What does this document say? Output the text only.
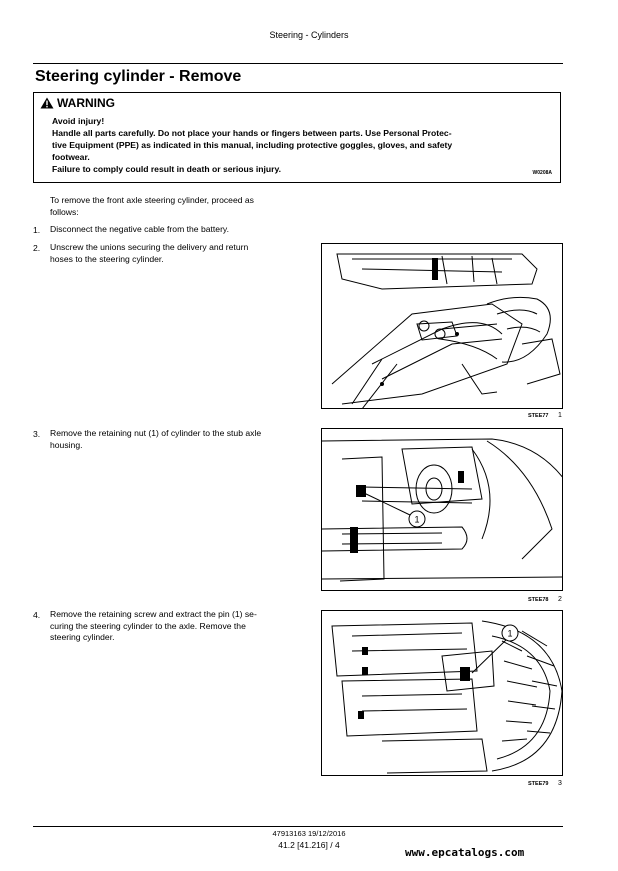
Steering - Cylinders
Steering cylinder - Remove
WARNING
Avoid injury!
Handle all parts carefully. Do not place your hands or fingers between parts. Use Personal Protec-
tive Equipment (PPE) as indicated in this manual, including protective goggles, gloves, and safety
footwear.
Failure to comply could result in death or serious injury.	W0208A
To remove the front axle steering cylinder, proceed as
follows:
1. Disconnect the negative cable from the battery.
2. Unscrew the unions securing the delivery and return
hoses to the steering cylinder.
STEE77 1
3. Remove the retaining nut (1) of cylinder to the stub axle
housing.
1
STEE78 2
4. Remove the retaining screw and extract the pin (1) se-
curing the steering cylinder to the axle. Remove the
steering cylinder.	1
STEE79 3
47913163 19/12/2016
41.2 [41.216] / 4
www.epcatalogs.com
